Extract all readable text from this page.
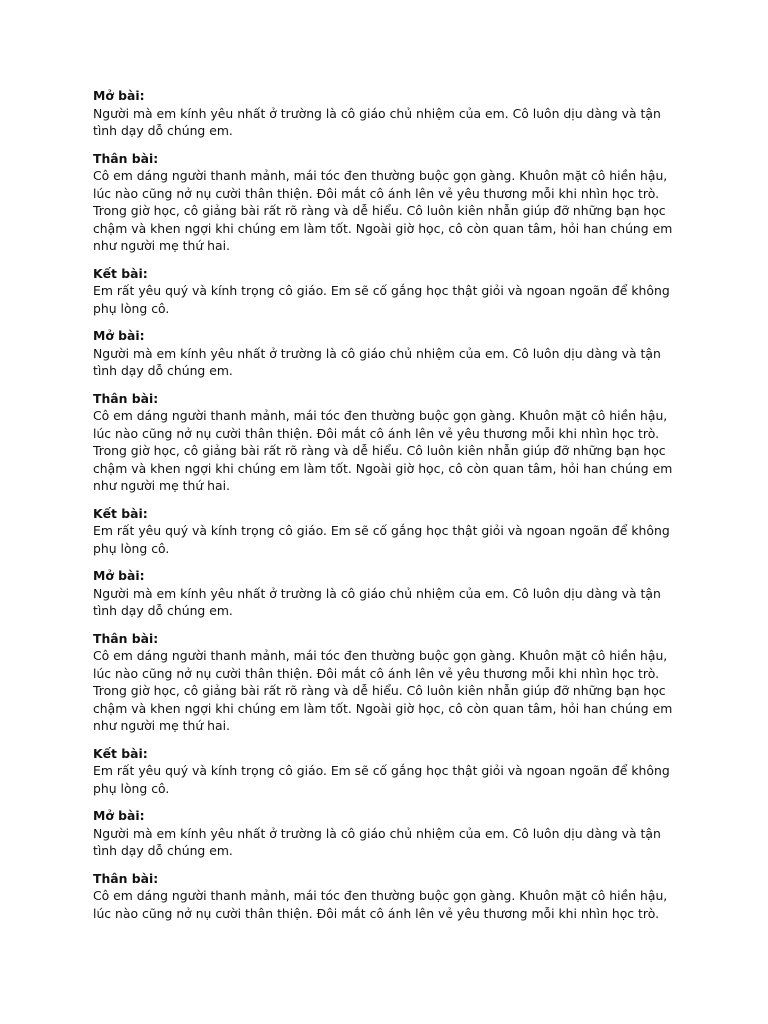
Mở bài:

Người mà em kính yêu nhất ở trường là cô giáo chủ nhiệm của em. Cô luôn dịu dàng và tận tình dạy dỗ chúng em.

Thân bài:

Cô em dáng người thanh mảnh, mái tóc đen thường buộc gọn gàng. Khuôn mặt cô hiền hậu, lúc nào cũng nở nụ cười thân thiện. Đôi mắt cô ánh lên vẻ yêu thương mỗi khi nhìn học trò.

Trong giờ học, cô giảng bài rất rõ ràng và dễ hiểu. Cô luôn kiên nhẫn giúp đỡ những bạn học chậm và khen ngợi khi chúng em làm tốt. Ngoài giờ học, cô còn quan tâm, hỏi han chúng em như người mẹ thứ hai.

Kết bài:

Em rất yêu quý và kính trọng cô giáo. Em sẽ cố gắng học thật giỏi và ngoan ngoãn để không phụ lòng cô.

Mở bài:

Người mà em kính yêu nhất ở trường là cô giáo chủ nhiệm của em. Cô luôn dịu dàng và tận tình dạy dỗ chúng em.

Thân bài:

Cô em dáng người thanh mảnh, mái tóc đen thường buộc gọn gàng. Khuôn mặt cô hiền hậu, lúc nào cũng nở nụ cười thân thiện. Đôi mắt cô ánh lên vẻ yêu thương mỗi khi nhìn học trò.

Trong giờ học, cô giảng bài rất rõ ràng và dễ hiểu. Cô luôn kiên nhẫn giúp đỡ những bạn học chậm và khen ngợi khi chúng em làm tốt. Ngoài giờ học, cô còn quan tâm, hỏi han chúng em như người mẹ thứ hai.

Kết bài:

Em rất yêu quý và kính trọng cô giáo. Em sẽ cố gắng học thật giỏi và ngoan ngoãn để không phụ lòng cô.

Mở bài:

Người mà em kính yêu nhất ở trường là cô giáo chủ nhiệm của em. Cô luôn dịu dàng và tận tình dạy dỗ chúng em.

Thân bài:

Cô em dáng người thanh mảnh, mái tóc đen thường buộc gọn gàng. Khuôn mặt cô hiền hậu, lúc nào cũng nở nụ cười thân thiện. Đôi mắt cô ánh lên vẻ yêu thương mỗi khi nhìn học trò.

Trong giờ học, cô giảng bài rất rõ ràng và dễ hiểu. Cô luôn kiên nhẫn giúp đỡ những bạn học chậm và khen ngợi khi chúng em làm tốt. Ngoài giờ học, cô còn quan tâm, hỏi han chúng em như người mẹ thứ hai.

Kết bài:

Em rất yêu quý và kính trọng cô giáo. Em sẽ cố gắng học thật giỏi và ngoan ngoãn để không phụ lòng cô.

Mở bài:

Người mà em kính yêu nhất ở trường là cô giáo chủ nhiệm của em. Cô luôn dịu dàng và tận tình dạy dỗ chúng em.

Thân bài:

Cô em dáng người thanh mảnh, mái tóc đen thường buộc gọn gàng. Khuôn mặt cô hiền hậu, lúc nào cũng nở nụ cười thân thiện. Đôi mắt cô ánh lên vẻ yêu thương mỗi khi nhìn học trò.
